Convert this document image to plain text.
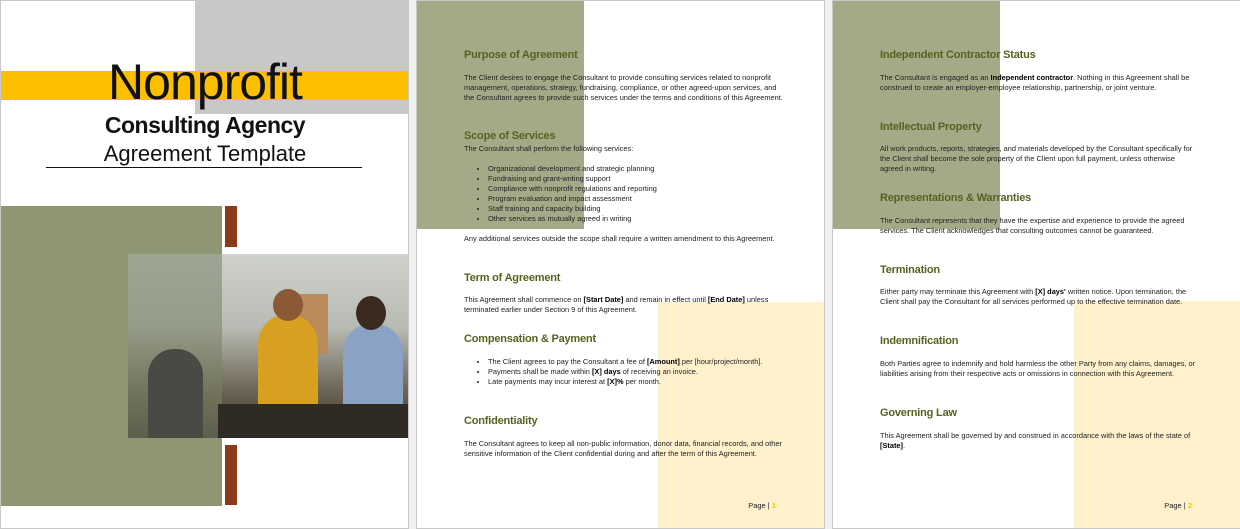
Nonprofit
Consulting Agency
Agreement Template
Purpose of Agreement
The Client desires to engage the Consultant to provide consulting services related to nonprofit management, operations, strategy, fundraising, compliance, or other agreed-upon services, and the Consultant agrees to provide such services under the terms and conditions of this Agreement.
Scope of Services
The Consultant shall perform the following services:
• Organizational development and strategic planning
• Fundraising and grant-writing support
• Compliance with nonprofit regulations and reporting
• Program evaluation and impact assessment
• Staff training and capacity building
• Other services as mutually agreed in writing
Any additional services outside the scope shall require a written amendment to this Agreement.
Term of Agreement
This Agreement shall commence on [Start Date] and remain in effect until [End Date] unless terminated earlier under Section 9 of this Agreement.
Compensation & Payment
• The Client agrees to pay the Consultant a fee of [Amount] per [hour/project/month].
• Payments shall be made within [X] days of receiving an invoice.
• Late payments may incur interest at [X]% per month.
Confidentiality
The Consultant agrees to keep all non-public information, donor data, financial records, and other sensitive information of the Client confidential during and after the term of this Agreement.
Page | 1
Independent Contractor Status
The Consultant is engaged as an Independent contractor. Nothing in this Agreement shall be construed to create an employer-employee relationship, partnership, or joint venture.
Intellectual Property
All work products, reports, strategies, and materials developed by the Consultant specifically for the Client shall become the sole property of the Client upon full payment, unless otherwise agreed in writing.
Representations & Warranties
The Consultant represents that they have the expertise and experience to provide the agreed services. The Client acknowledges that consulting outcomes cannot be guaranteed.
Termination
Either party may terminate this Agreement with [X] days' written notice. Upon termination, the Client shall pay the Consultant for all services performed up to the effective termination date.
Indemnification
Both Parties agree to indemnify and hold harmless the other Party from any claims, damages, or liabilities arising from their respective acts or omissions in connection with this Agreement.
Governing Law
This Agreement shall be governed by and construed in accordance with the laws of the state of [State].
Page | 2
